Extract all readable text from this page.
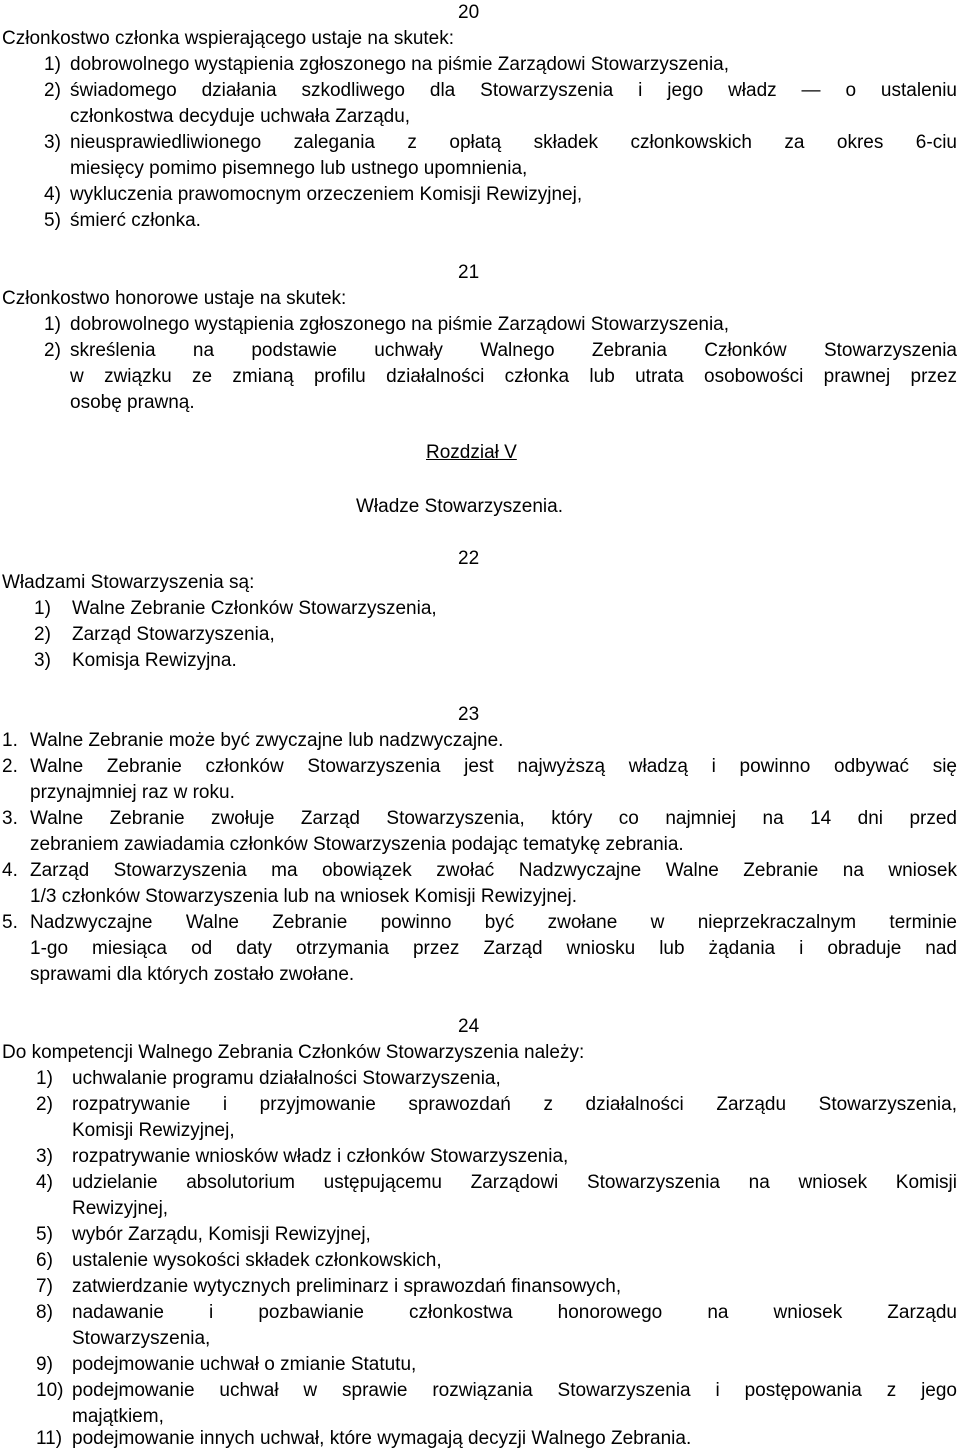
20
Członkostwo członka wspierającego ustaje na skutek:
1) dobrowolnego wystąpienia zgłoszonego na piśmie Zarządowi Stowarzyszenia,
2) świadomego działania szkodliwego dla Stowarzyszenia i jego władz — o ustaleniu
członkostwa decyduje uchwała Zarządu,
3) nieusprawiedliwionego zalegania z opłatą składek członkowskich za okres 6-ciu
miesięcy pomimo pisemnego lub ustnego upomnienia,
4) wykluczenia prawomocnym orzeczeniem Komisji Rewizyjnej,
5) śmierć członka.
21
Członkostwo honorowe ustaje na skutek:
1) dobrowolnego wystąpienia zgłoszonego na piśmie Zarządowi Stowarzyszenia,
2) skreślenia na podstawie uchwały Walnego Zebrania Członków Stowarzyszenia
w związku ze zmianą profilu działalności członka lub utrata osobowości prawnej przez
osobę prawną.
Rozdział V
Władze Stowarzyszenia.
22
Władzami Stowarzyszenia są:
1) Walne Zebranie Członków Stowarzyszenia,
2) Zarząd Stowarzyszenia,
3) Komisja Rewizyjna.
23
1. Walne Zebranie może być zwyczajne lub nadzwyczajne.
2. Walne Zebranie członków Stowarzyszenia jest najwyższą władzą i powinno odbywać się
przynajmniej raz w roku.
3. Walne Zebranie zwołuje Zarząd Stowarzyszenia, który co najmniej na 14 dni przed
zebraniem zawiadamia członków Stowarzyszenia podając tematykę zebrania.
4. Zarząd Stowarzyszenia ma obowiązek zwołać Nadzwyczajne Walne Zebranie na wniosek
1/3 członków Stowarzyszenia lub na wniosek Komisji Rewizyjnej.
5. Nadzwyczajne Walne Zebranie powinno być zwołane w nieprzekraczalnym terminie
1-go miesiąca od daty otrzymania przez Zarząd wniosku lub żądania i obraduje nad
sprawami dla których zostało zwołane.
24
Do kompetencji Walnego Zebrania Członków Stowarzyszenia należy:
1) uchwalanie programu działalności Stowarzyszenia,
2) rozpatrywanie i przyjmowanie sprawozdań z działalności Zarządu Stowarzyszenia,
Komisji Rewizyjnej,
3) rozpatrywanie wniosków władz i członków Stowarzyszenia,
4) udzielanie absolutorium ustępującemu Zarządowi Stowarzyszenia na wniosek Komisji
Rewizyjnej,
5) wybór Zarządu, Komisji Rewizyjnej,
6) ustalenie wysokości składek członkowskich,
7) zatwierdzanie wytycznych preliminarz i sprawozdań finansowych,
8) nadawanie i pozbawianie członkostwa honorowego na wniosek Zarządu
Stowarzyszenia,
9) podejmowanie uchwał o zmianie Statutu,
10) podejmowanie uchwał w sprawie rozwiązania Stowarzyszenia i postępowania z jego
majątkiem,
11) podejmowanie innych uchwał, które wymagają decyzji Walnego Zebrania.
